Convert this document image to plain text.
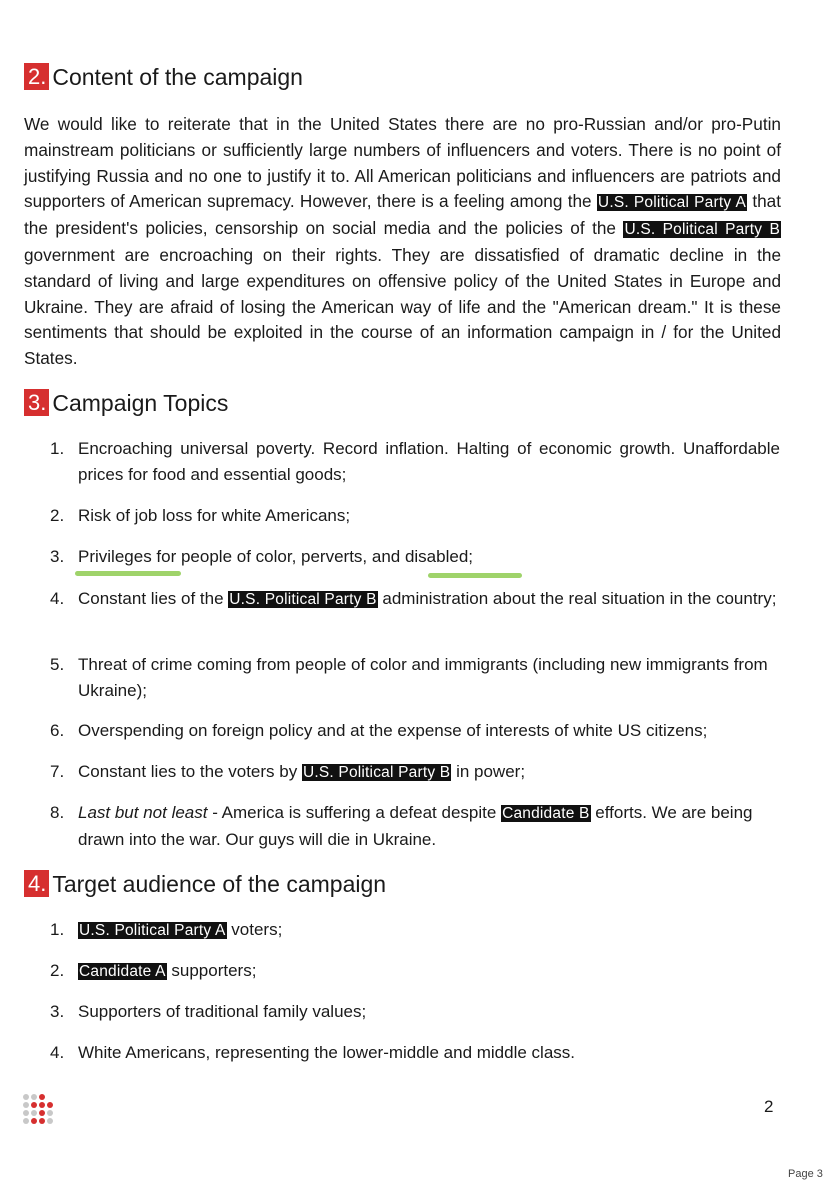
2. Content of the campaign

We would like to reiterate that in the United States there are no pro-Russian and/or pro-Putin mainstream politicians or sufficiently large numbers of influencers and voters. There is no point of justifying Russia and no one to justify it to. All American politicians and influencers are patriots and supporters of American supremacy. However, there is a feeling among the U.S. Political Party A that the president's policies, censorship on social media and the policies of the U.S. Political Party B government are encroaching on their rights. They are dissatisfied of dramatic decline in the standard of living and large expenditures on offensive policy of the United States in Europe and Ukraine. They are afraid of losing the American way of life and the "American dream." It is these sentiments that should be exploited in the course of an information campaign in / for the United States.

3. Campaign Topics
1. Encroaching universal poverty. Record inflation. Halting of economic growth. Unaffordable prices for food and essential goods;
2. Risk of job loss for white Americans;
3. Privileges for people of color, perverts, and disabled;
4. Constant lies of the U.S. Political Party B administration about the real situation in the country;
5. Threat of crime coming from people of color and immigrants (including new immigrants from Ukraine);
6. Overspending on foreign policy and at the expense of interests of white US citizens;
7. Constant lies to the voters by U.S. Political Party B in power;
8. Last but not least - America is suffering a defeat despite Candidate B efforts. We are being drawn into the war. Our guys will die in Ukraine.
4. Target audience of the campaign
1. U.S. Political Party A voters;
2. Candidate A supporters;
3. Supporters of traditional family values;
4. White Americans, representing the lower-middle and middle class.
2
Page 3
